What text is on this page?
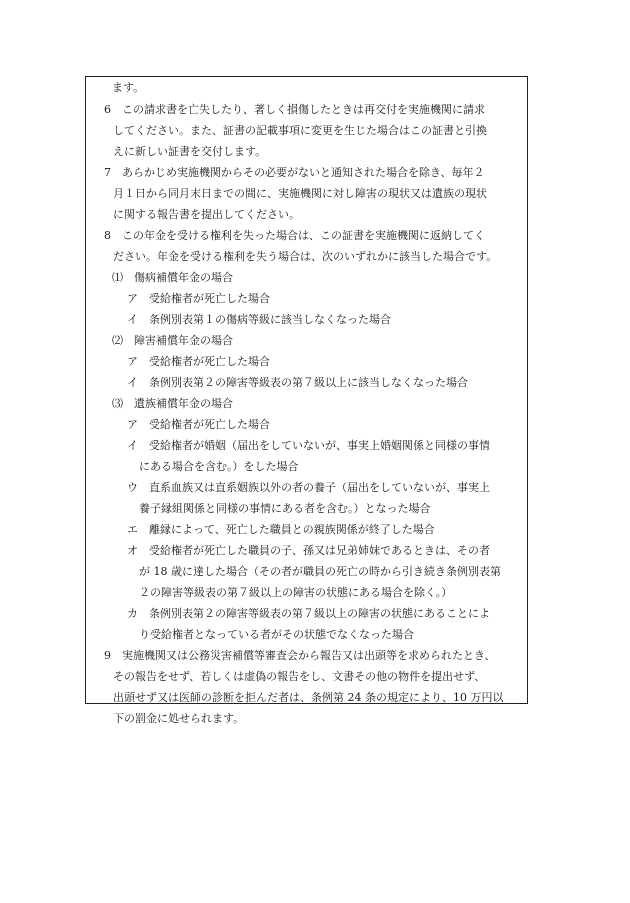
ます。
6　この請求書を亡失したり、著しく損傷したときは再交付を実施機関に請求
してください。また、証書の記載事項に変更を生じた場合はこの証書と引換
えに新しい証書を交付します。
7　あらかじめ実施機関からその必要がないと通知された場合を除き、毎年２
月１日から同月末日までの間に、実施機関に対し障害の現状又は遺族の現状
に関する報告書を提出してください。
8　この年金を受ける権利を失った場合は、この証書を実施機関に返納してく
ださい。年金を受ける権利を失う場合は、次のいずれかに該当した場合です。
⑴　傷病補償年金の場合
ア　受給権者が死亡した場合
イ　条例別表第１の傷病等級に該当しなくなった場合
⑵　障害補償年金の場合
ア　受給権者が死亡した場合
イ　条例別表第２の障害等級表の第７級以上に該当しなくなった場合
⑶　遺族補償年金の場合
ア　受給権者が死亡した場合
イ　受給権者が婚姻（届出をしていないが、事実上婚姻関係と同様の事情
にある場合を含む。）をした場合
ウ　直系血族又は直系姻族以外の者の養子（届出をしていないが、事実上
養子縁組関係と同様の事情にある者を含む。）となった場合
エ　離縁によって、死亡した職員との親族関係が終了した場合
オ　受給権者が死亡した職員の子、孫又は兄弟姉妹であるときは、その者
が 18 歳に達した場合（その者が職員の死亡の時から引き続き条例別表第
２の障害等級表の第７級以上の障害の状態にある場合を除く。）
カ　条例別表第２の障害等級表の第７級以上の障害の状態にあることによ
り受給権者となっている者がその状態でなくなった場合
9　実施機関又は公務災害補償等審査会から報告又は出頭等を求められたとき、
その報告をせず、若しくは虚偽の報告をし、文書その他の物件を提出せず、
出頭せず又は医師の診断を拒んだ者は、条例第 24 条の規定により、10 万円以
下の罰金に処せられます。
